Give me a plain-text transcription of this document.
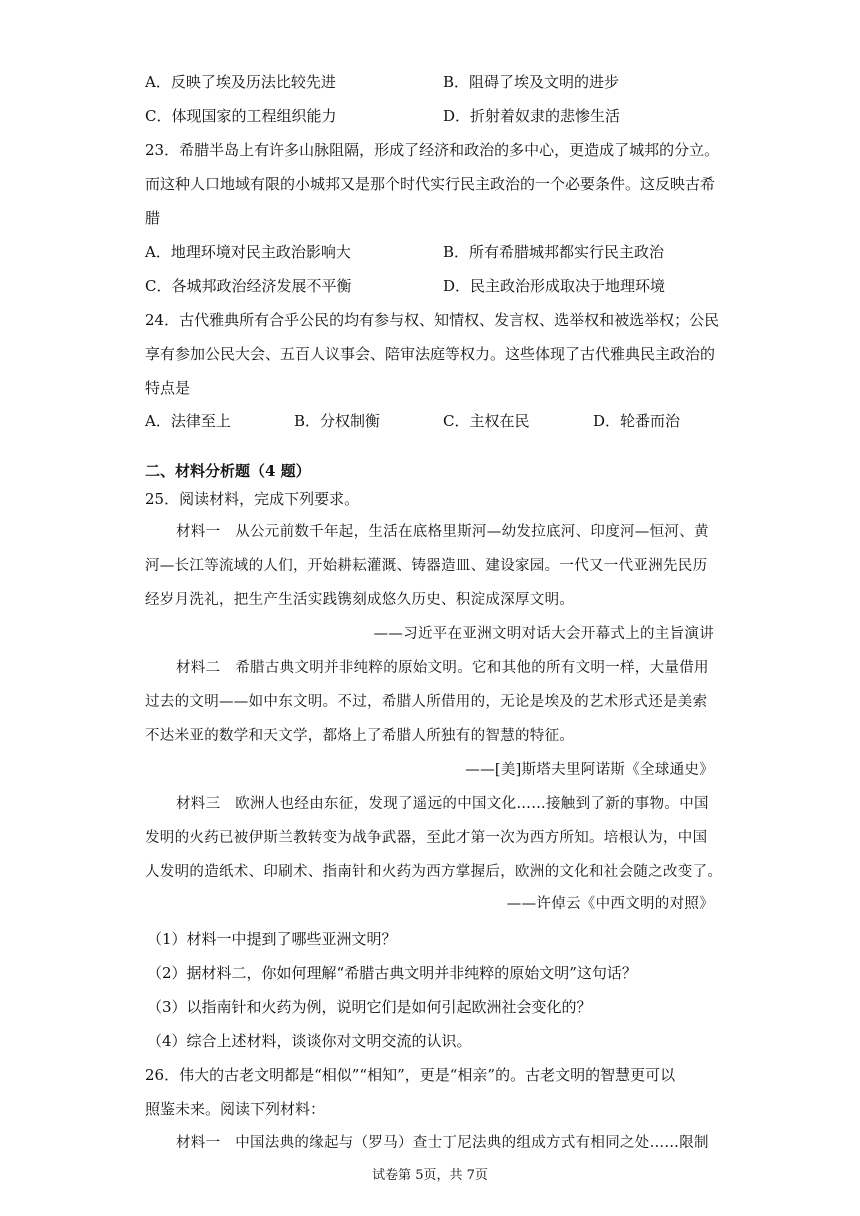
A．反映了埃及历法比较先进	B．阻碍了埃及文明的进步
C．体现国家的工程组织能力	D．折射着奴隶的悲惨生活
23．希腊半岛上有许多山脉阻隔，形成了经济和政治的多中心，更造成了城邦的分立。
而这种人口地域有限的小城邦又是那个时代实行民主政治的一个必要条件。这反映古希
腊
A．地理环境对民主政治影响大	B．所有希腊城邦都实行民主政治
C．各城邦政治经济发展不平衡	D．民主政治形成取决于地理环境
24．古代雅典所有合乎公民的均有参与权、知情权、发言权、选举权和被选举权；公民
享有参加公民大会、五百人议事会、陪审法庭等权力。这些体现了古代雅典民主政治的
特点是
A．法律至上	B．分权制衡	C．主权在民	D．轮番而治
二、材料分析题（4 题）
25．阅读材料，完成下列要求。
材料一　从公元前数千年起，生活在底格里斯河—幼发拉底河、印度河—恒河、黄
河—长江等流域的人们，开始耕耘灌溉、铸器造皿、建设家园。一代又一代亚洲先民历
经岁月洗礼，把生产生活实践镌刻成悠久历史、积淀成深厚文明。
——习近平在亚洲文明对话大会开幕式上的主旨演讲
材料二　希腊古典文明并非纯粹的原始文明。它和其他的所有文明一样，大量借用
过去的文明——如中东文明。不过，希腊人所借用的，无论是埃及的艺术形式还是美索
不达米亚的数学和天文学，都烙上了希腊人所独有的智慧的特征。
——[美]斯塔夫里阿诺斯《全球通史》
材料三　欧洲人也经由东征，发现了遥远的中国文化……接触到了新的事物。中国
发明的火药已被伊斯兰教转变为战争武器，至此才第一次为西方所知。培根认为，中国
人发明的造纸术、印刷术、指南针和火药为西方掌握后，欧洲的文化和社会随之改变了。
——许倬云《中西文明的对照》
（1）材料一中提到了哪些亚洲文明？
（2）据材料二，你如何理解“希腊古典文明并非纯粹的原始文明”这句话？
（3）以指南针和火药为例，说明它们是如何引起欧洲社会变化的？
（4）综合上述材料，谈谈你对文明交流的认识。
26．伟大的古老文明都是“相似”“相知”，更是“相亲”的。古老文明的智慧更可以
照鉴未来。阅读下列材料：
材料一　中国法典的缘起与（罗马）查士丁尼法典的组成方式有相同之处……限制
试卷第 5页，共 7页
